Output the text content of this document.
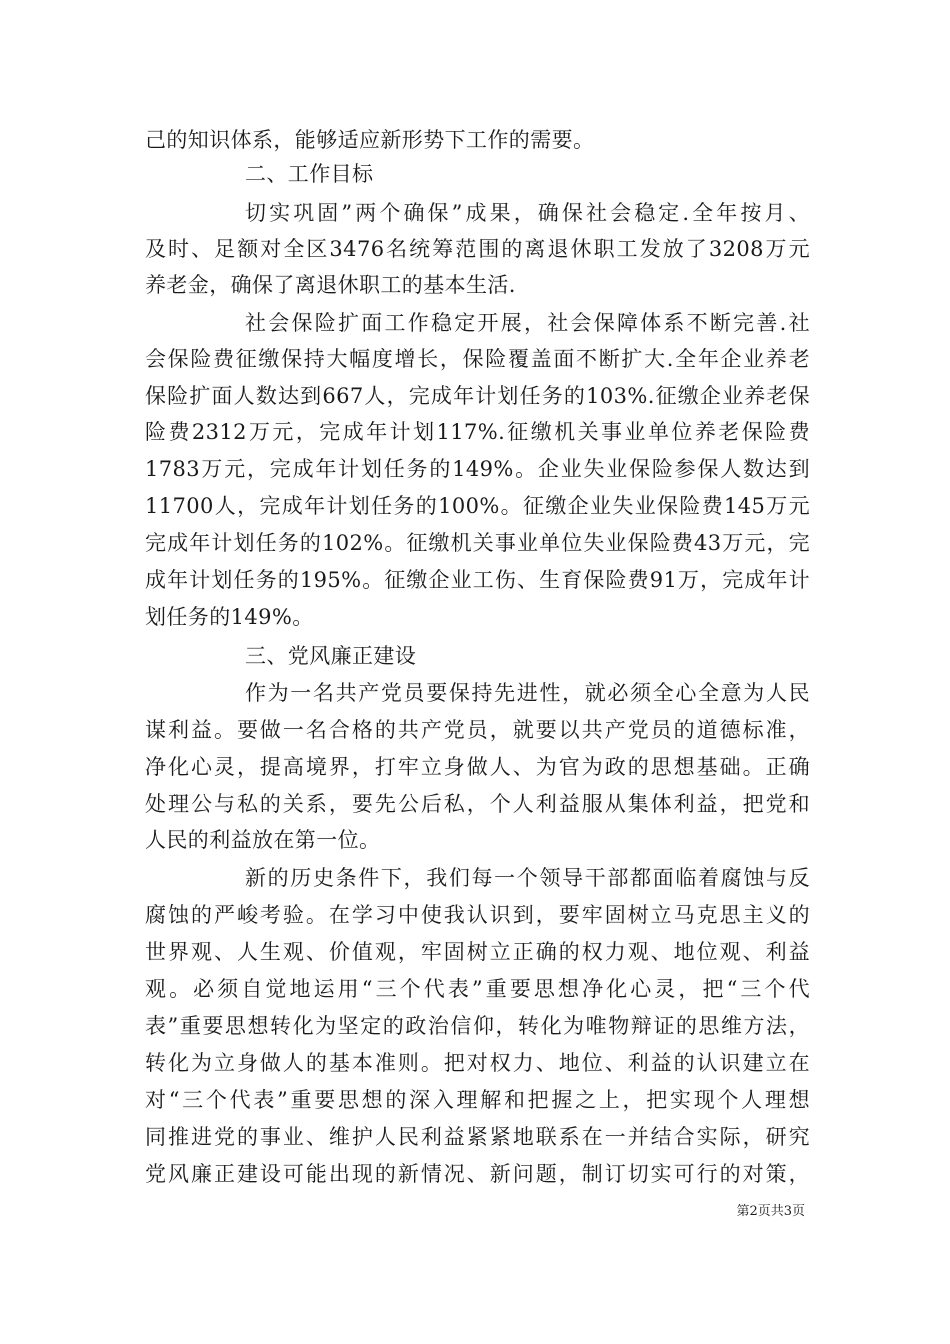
己的知识体系，能够适应新形势下工作的需要。
二、工作目标
切实巩固”两个确保”成果，确保社会稳定.全年按月、
及时、足额对全区3476名统筹范围的离退休职工发放了3208万元
养老金，确保了离退休职工的基本生活.
社会保险扩面工作稳定开展，社会保障体系不断完善.社
会保险费征缴保持大幅度增长，保险覆盖面不断扩大.全年企业养老
保险扩面人数达到667人，完成年计划任务的103%.征缴企业养老保
险费2312万元，完成年计划117%.征缴机关事业单位养老保险费
1783万元，完成年计划任务的149%。企业失业保险参保人数达到
11700人，完成年计划任务的100%。征缴企业失业保险费145万元
完成年计划任务的102%。征缴机关事业单位失业保险费43万元，完
成年计划任务的195%。征缴企业工伤、生育保险费91万，完成年计
划任务的149%。
三、党风廉正建设
作为一名共产党员要保持先进性，就必须全心全意为人民
谋利益。要做一名合格的共产党员，就要以共产党员的道德标准，
净化心灵，提高境界，打牢立身做人、为官为政的思想基础。正确
处理公与私的关系，要先公后私，个人利益服从集体利益，把党和
人民的利益放在第一位。
新的历史条件下，我们每一个领导干部都面临着腐蚀与反
腐蚀的严峻考验。在学习中使我认识到，要牢固树立马克思主义的
世界观、人生观、价值观，牢固树立正确的权力观、地位观、利益
观。必须自觉地运用“三个代表”重要思想净化心灵，把“三个代
表”重要思想转化为坚定的政治信仰，转化为唯物辩证的思维方法，
转化为立身做人的基本准则。把对权力、地位、利益的认识建立在
对“三个代表”重要思想的深入理解和把握之上，把实现个人理想
同推进党的事业、维护人民利益紧紧地联系在一并结合实际，研究
党风廉正建设可能出现的新情况、新问题，制订切实可行的对策，
第2页共3页
